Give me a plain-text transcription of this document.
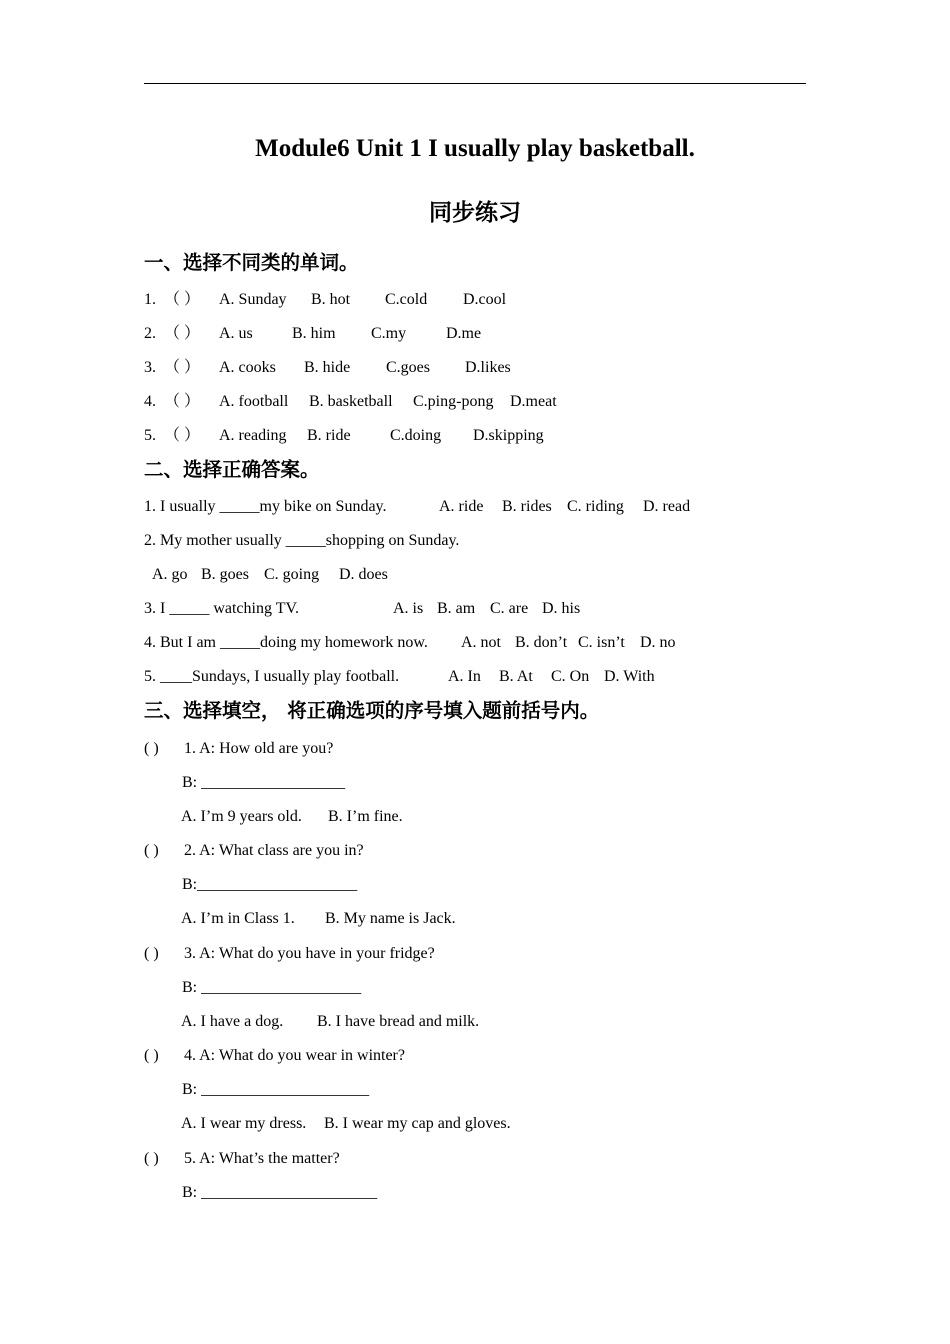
Module6 Unit 1 I usually play basketball.
同步练习
一、选择不同类的单词。
1. （ ） A. Sunday B. hot C.cold D.cool
2. （ ） A. us B. him C.my D.me
3. （ ） A. cooks B. hide C.goes D.likes
4. （ ） A. football B. basketball C.ping-pong D.meat
5. （ ） A. reading B. ride C.doing D.skipping
二、选择正确答案。
1. I usually _____my bike on Sunday.	A. ride B. rides C. riding D. read
2. My mother usually _____shopping on Sunday.
A. go B. goes C. going D. does
3. I _____ watching TV.	A. is B. am C. are D. his
4. But I am _____doing my homework now. A. not B. don’t C. isn’t D. no
5. ____Sundays, I usually play football.	A. In B. At C. On D. With
三、选择填空， 将正确选项的序号填入题前括号内。
( ) 1. A: How old are you?
B: __________________
A. I’m 9 years old. B. I’m fine.
( ) 2. A: What class are you in?
B:____________________
A. I’m in Class 1. B. My name is Jack.
( ) 3. A: What do you have in your fridge?
B: ____________________
A. I have a dog. B. I have bread and milk.
( ) 4. A: What do you wear in winter?
B: _____________________
A. I wear my dress. B. I wear my cap and gloves.
( ) 5. A: What’s the matter?
B: ______________________
